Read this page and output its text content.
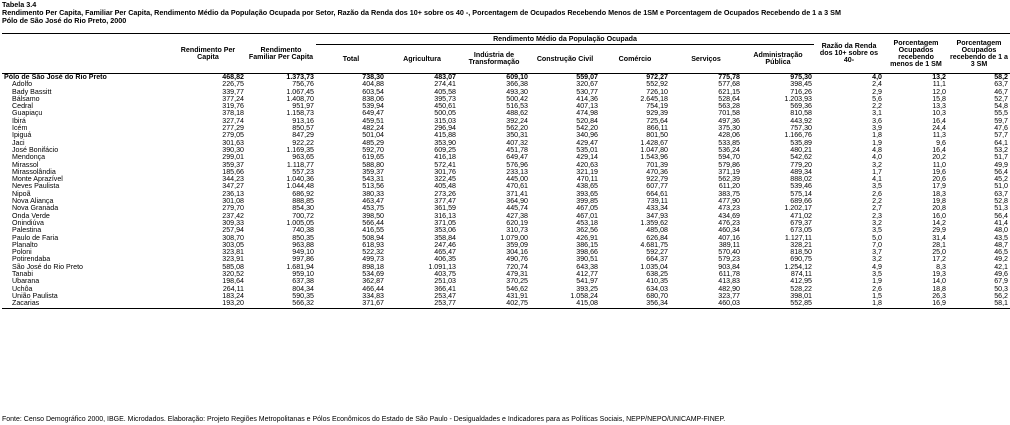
Tabela 3.4
Rendimento Per Capita, Familiar Per Capita, Rendimento Médio da População Ocupada por Setor, Razão da Renda dos 10+ sobre os 40 -, Porcentagem de Ocupados Recebendo Menos de 1SM e Porcentagem de Ocupados Recebendo de 1 a 3 SM
Pólo de São José do Rio Preto, 2000
	Rendimento Per Capita	Rendimento Familiar Per Capita	Rendimento Médio da População Ocupada							Razão da Renda dos 10+ sobre os 40-	Porcentagem Ocupados recebendo menos de 1 SM	Porcentagem Ocupados recebendo de 1 a 3 SM
			Total	Agricultura	Indústria de Transformação	Construção Civil	Comércio	Serviços	Administração Pública			
Pólo de São José do Rio Preto	468,82	1.373,73	738,30	483,07	609,10	559,07	972,27	775,78	975,30	4,0	13,2	58,2
Adolfo	226,75	756,76	404,88	274,41	366,38	320,67	552,92	577,68	398,45	2,4	11,1	63,7
Bady Bassitt	339,77	1.067,45	603,54	405,58	493,30	530,77	726,10	621,15	716,26	2,9	12,0	46,7
Bálsamo	377,24	1.408,70	838,06	395,73	500,42	414,36	2.645,18	528,64	1.203,93	5,6	15,8	52,7
Cedral	319,76	951,97	539,94	450,61	516,53	407,13	754,19	563,28	569,36	2,2	13,3	54,8
Guapiaçu	378,18	1.158,73	649,47	500,05	488,62	474,98	929,39	701,58	810,58	3,1	10,3	55,5
Ibirá	327,74	913,16	459,51	315,03	392,24	520,84	725,64	497,36	443,92	3,6	16,4	59,7
Icém	277,29	850,57	482,24	296,94	562,20	542,20	866,11	375,30	757,30	3,9	24,4	47,6
Ipiguá	279,05	847,29	501,04	415,88	350,31	340,96	801,50	428,06	1.166,76	1,8	11,3	57,7
Jaci	301,63	922,22	485,29	353,90	407,32	429,47	1.428,67	533,85	535,89	1,9	9,6	64,1
José Bonifácio	390,30	1.169,35	592,70	609,25	451,78	535,01	1.047,80	536,24	480,21	4,8	16,4	53,2
Mendonça	299,01	963,65	619,65	416,18	649,47	429,14	1.543,96	594,70	542,62	4,0	20,2	51,7
Mirassol	359,37	1.118,77	588,80	572,41	576,96	420,63	701,39	579,86	779,20	3,2	11,0	49,9
Mirassolândia	185,66	557,23	359,37	301,76	233,13	321,19	470,36	371,19	489,34	1,7	19,6	56,4
Monte Aprazível	344,23	1.040,36	543,31	322,45	445,00	470,11	922,79	562,39	888,02	4,1	20,6	45,2
Neves Paulista	347,27	1.044,48	513,56	405,48	470,61	438,65	607,77	611,20	539,46	3,5	17,9	51,0
Nipoã	236,13	686,92	380,33	273,26	371,41	393,65	664,61	383,75	575,14	2,6	18,3	63,7
Nova Aliança	301,08	888,85	463,47	377,47	364,90	399,85	739,11	477,90	689,66	2,2	19,8	52,8
Nova Granada	279,70	854,30	453,75	361,59	445,74	467,05	433,34	473,23	1.202,17	2,7	20,8	51,3
Onda Verde	237,42	700,72	398,50	316,13	427,38	467,01	347,93	434,69	471,02	2,3	16,0	56,4
Onindiúva	309,33	1.005,05	566,44	371,05	620,19	453,18	1.359,62	476,23	679,37	3,2	14,2	41,4
Palestina	257,94	740,38	416,55	353,06	310,73	362,56	485,08	460,34	673,05	3,5	29,9	48,0
Paulo de Faria	308,70	850,35	508,94	358,84	1.079,00	426,91	626,84	407,16	1.127,11	5,0	31,4	43,5
Planalto	303,05	963,88	618,93	247,46	359,09	386,15	4.681,75	389,11	328,21	7,0	28,1	48,7
Poloni	323,81	949,10	522,32	465,47	304,16	398,66	592,27	570,40	818,50	3,7	25,0	46,5
Potirendaba	323,91	997,86	499,73	406,35	490,76	390,51	664,37	579,23	690,75	3,2	17,2	49,2
São José do Rio Preto	585,08	1.681,94	898,18	1.091,13	720,74	643,38	1.035,04	903,84	1.254,12	4,9	8,3	42,1
Tanabi	320,52	959,10	534,69	403,75	479,31	412,77	638,25	611,78	874,11	3,5	19,3	49,6
Ubarana	198,64	637,38	362,87	251,03	370,25	541,97	410,35	413,83	412,95	1,9	14,0	67,9
Uchôa	264,11	804,34	466,44	366,41	546,62	393,25	634,03	482,90	528,22	2,6	18,8	50,3
União Paulista	183,24	590,35	334,83	253,47	431,91	1.058,24	680,70	323,77	398,01	1,5	26,3	56,2
Zacarias	193,20	566,32	371,67	253,77	402,75	415,08	356,34	460,03	552,85	1,8	16,9	58,1
Fonte: Censo Demográfico 2000, IBGE. Microdados. Elaboração: Projeto Regiões Metropolitanas e Pólos Econômicos do Estado de São Paulo - Desigualdades e Indicadores para as Políticas Sociais, NEPP/NEPO/UNICAMP-FINEP.
